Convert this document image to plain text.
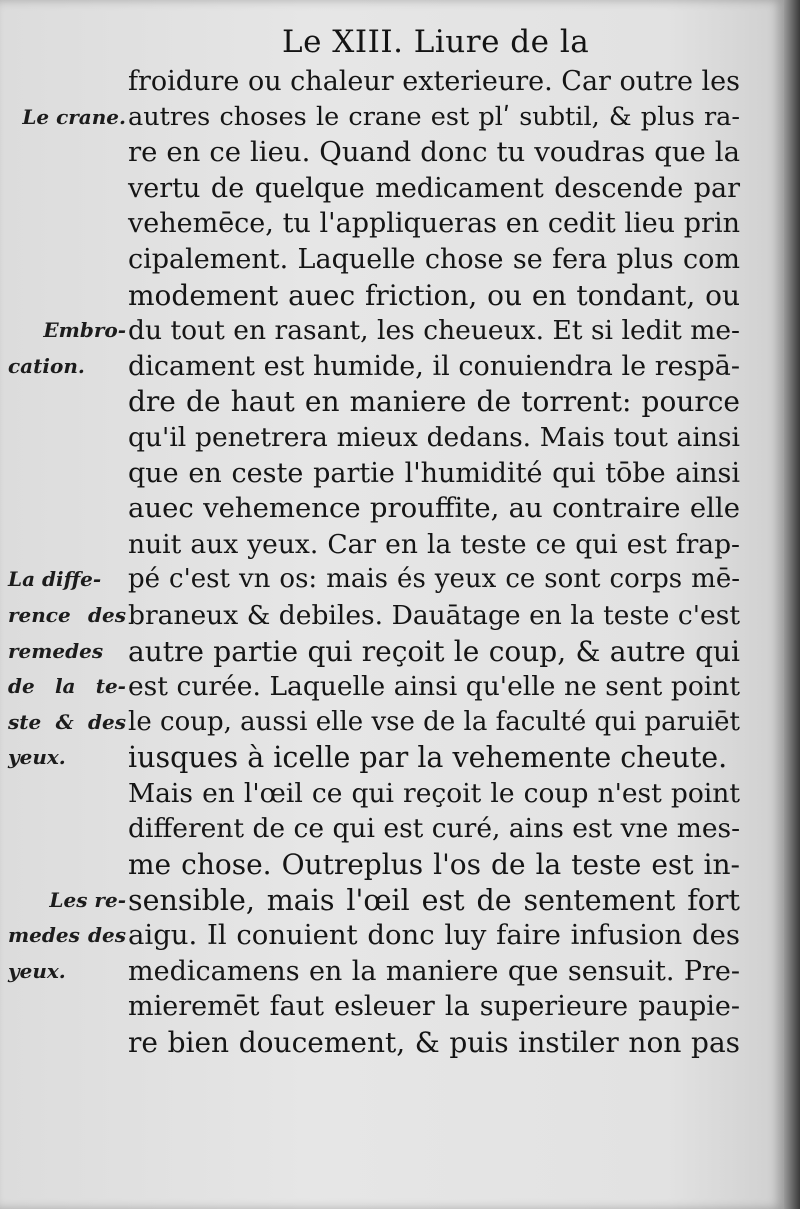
Le XIII. Liure de la
Le crane.
Embro-
cation.
La diffe-
rence des
remedes
de la te-
ste & des
yeux.
Les re-
medes des
yeux.
froidure ou chaleur exterieure. Car outre les
autres choses le crane est plʹ subtil, & plus ra-
re en ce lieu. Quand donc tu voudras que la
vertu de quelque medicament descende par
vehemēce, tu l'appliqueras en cedit lieu prin
cipalement. Laquelle chose se fera plus com
modement auec friction, ou en tondant, ou
du tout en rasant, les cheueux. Et si ledit me-
dicament est humide, il conuiendra le respā-
dre de haut en maniere de torrent: pource
qu'il penetrera mieux dedans. Mais tout ainsi
que en ceste partie l'humidité qui tōbe ainsi
auec vehemence prouffite, au contraire elle
nuit aux yeux. Car en la teste ce qui est frap-
pé c'est vn os: mais és yeux ce sont corps mē-
braneux & debiles. Dauātage en la teste c'est
autre partie qui reçoit le coup, & autre qui
est curée. Laquelle ainsi qu'elle ne sent point
le coup, aussi elle vse de la faculté qui paruiēt
iusques à icelle par la vehemente cheute.
Mais en l'œil ce qui reçoit le coup n'est point
different de ce qui est curé, ains est vne mes-
me chose. Outreplus l'os de la teste est in-
sensible, mais l'œil est de sentement fort
aigu. Il conuient donc luy faire infusion des
medicamens en la maniere que sensuit. Pre-
mieremēt faut esleuer la superieure paupie-
re bien doucement, & puis instiler non pas
